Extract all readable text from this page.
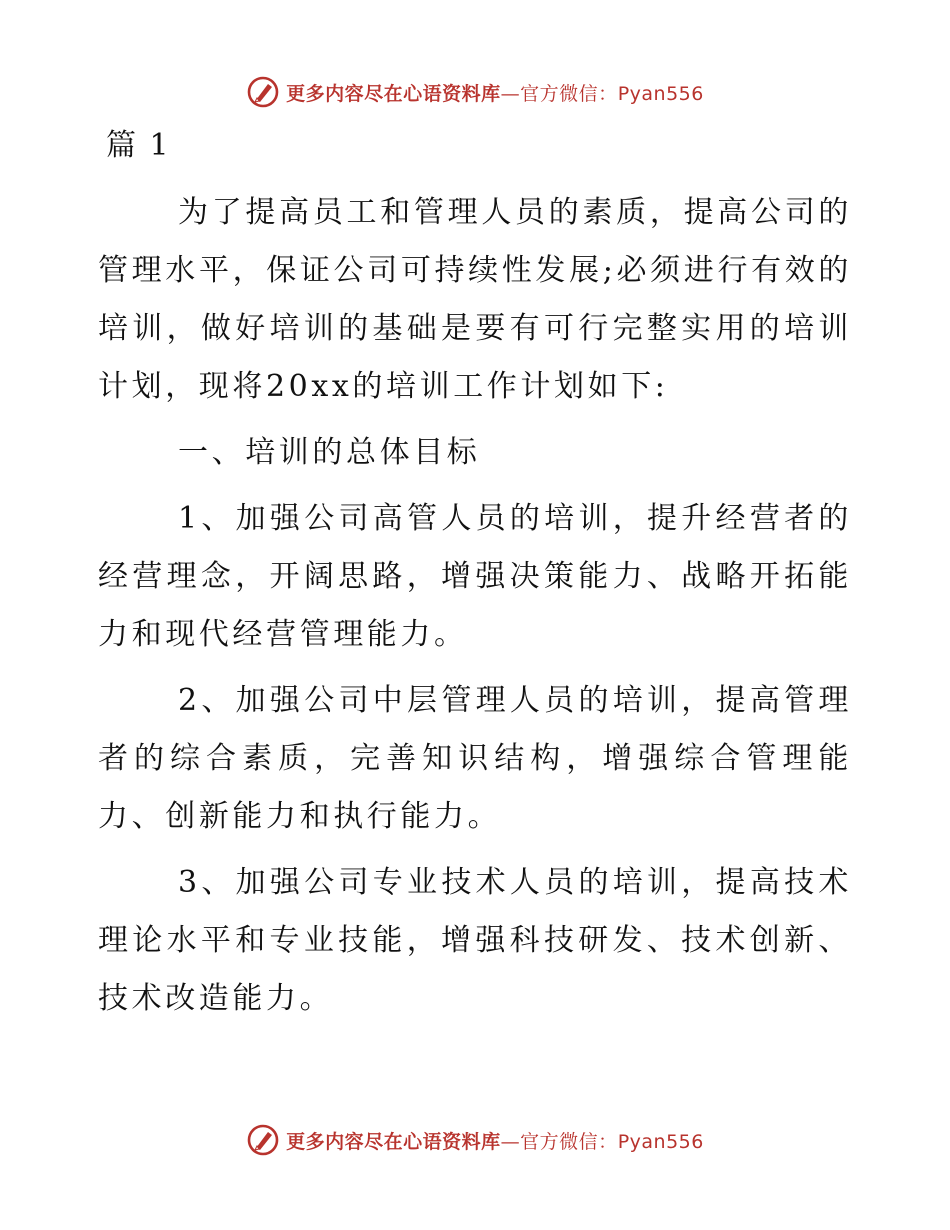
更多内容尽在心语资料库—官方微信：Pyan556
篇 1

为了提高员工和管理人员的素质，提高公司的管理水平，保证公司可持续性发展;必须进行有效的培训，做好培训的基础是要有可行完整实用的培训计划，现将20xx的培训工作计划如下:

一、培训的总体目标

1、加强公司高管人员的培训，提升经营者的经营理念，开阔思路，增强决策能力、战略开拓能力和现代经营管理能力。

2、加强公司中层管理人员的培训，提高管理者的综合素质，完善知识结构，增强综合管理能力、创新能力和执行能力。

3、加强公司专业技术人员的培训，提高技术理论水平和专业技能，增强科技研发、技术创新、技术改造能力。

更多内容尽在心语资料库—官方微信：Pyan556
